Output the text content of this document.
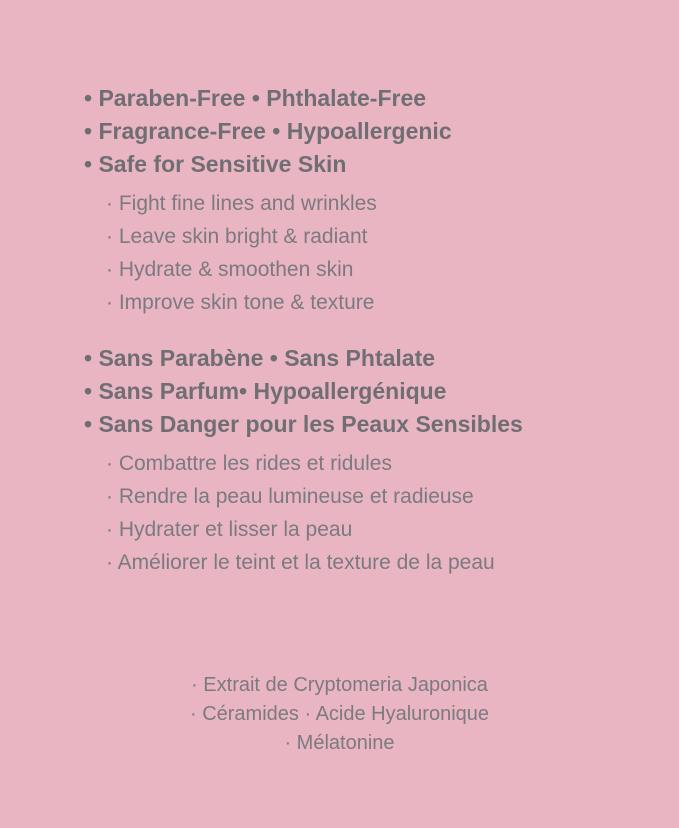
• Paraben-Free • Phthalate-Free

• Fragrance-Free • Hypoallergenic

• Safe for Sensitive Skin

· Fight fine lines and wrinkles
· Leave skin bright & radiant
· Hydrate & smoothen skin
· Improve skin tone & texture

• Sans Parabène • Sans Phtalate

• Sans Parfum• Hypoallergénique

• Sans Danger pour les Peaux Sensibles

· Combattre les rides et ridules
· Rendre la peau lumineuse et radieuse
· Hydrater et lisser la peau
· Améliorer le teint et la texture de la peau

· Extrait de Cryptomeria Japonica

· Céramides · Acide Hyaluronique

· Mélatonine
